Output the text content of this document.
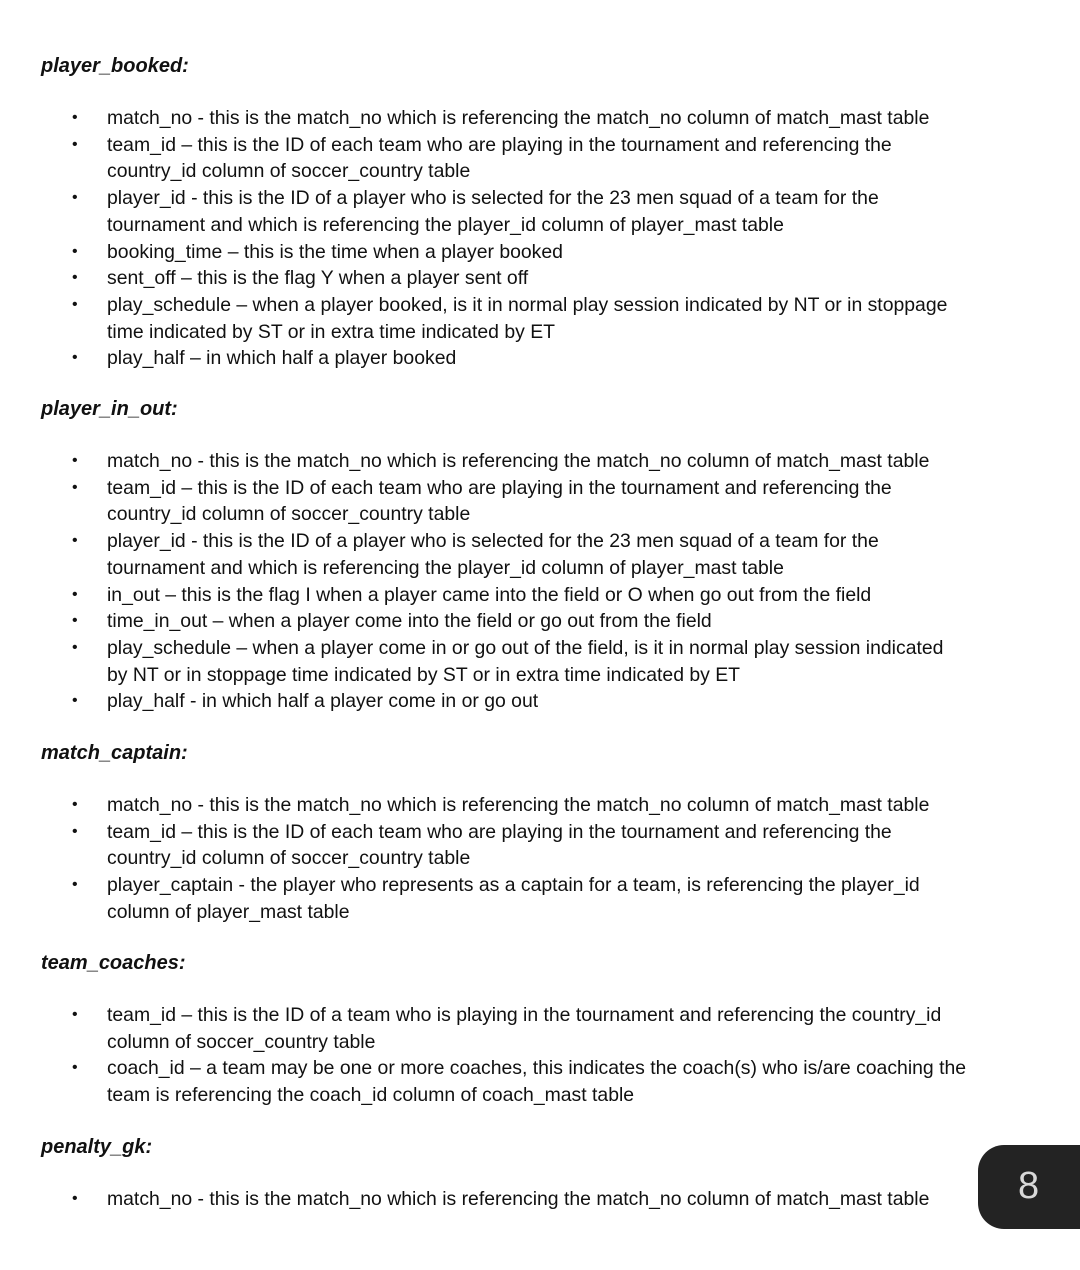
player_booked:
• match_no - this is the match_no which is referencing the match_no column of match_mast table
• team_id – this is the ID of each team who are playing in the tournament and referencing the
country_id column of soccer_country table
• player_id - this is the ID of a player who is selected for the 23 men squad of a team for the
tournament and which is referencing the player_id column of player_mast table
• booking_time – this is the time when a player booked
• sent_off – this is the flag Y when a player sent off
• play_schedule – when a player booked, is it in normal play session indicated by NT or in stoppage
time indicated by ST or in extra time indicated by ET
• play_half – in which half a player booked
player_in_out:
• match_no - this is the match_no which is referencing the match_no column of match_mast table
• team_id – this is the ID of each team who are playing in the tournament and referencing the
country_id column of soccer_country table
• player_id - this is the ID of a player who is selected for the 23 men squad of a team for the
tournament and which is referencing the player_id column of player_mast table
• in_out – this is the flag I when a player came into the field or O when go out from the field
• time_in_out – when a player come into the field or go out from the field
• play_schedule – when a player come in or go out of the field, is it in normal play session indicated
by NT or in stoppage time indicated by ST or in extra time indicated by ET
• play_half - in which half a player come in or go out
match_captain:
• match_no - this is the match_no which is referencing the match_no column of match_mast table
• team_id – this is the ID of each team who are playing in the tournament and referencing the
country_id column of soccer_country table
• player_captain - the player who represents as a captain for a team, is referencing the player_id
column of player_mast table
team_coaches:
• team_id – this is the ID of a team who is playing in the tournament and referencing the country_id
column of soccer_country table
• coach_id – a team may be one or more coaches, this indicates the coach(s) who is/are coaching the
team is referencing the coach_id column of coach_mast table
penalty_gk:
• match_no - this is the match_no which is referencing the match_no column of match_mast table	8
